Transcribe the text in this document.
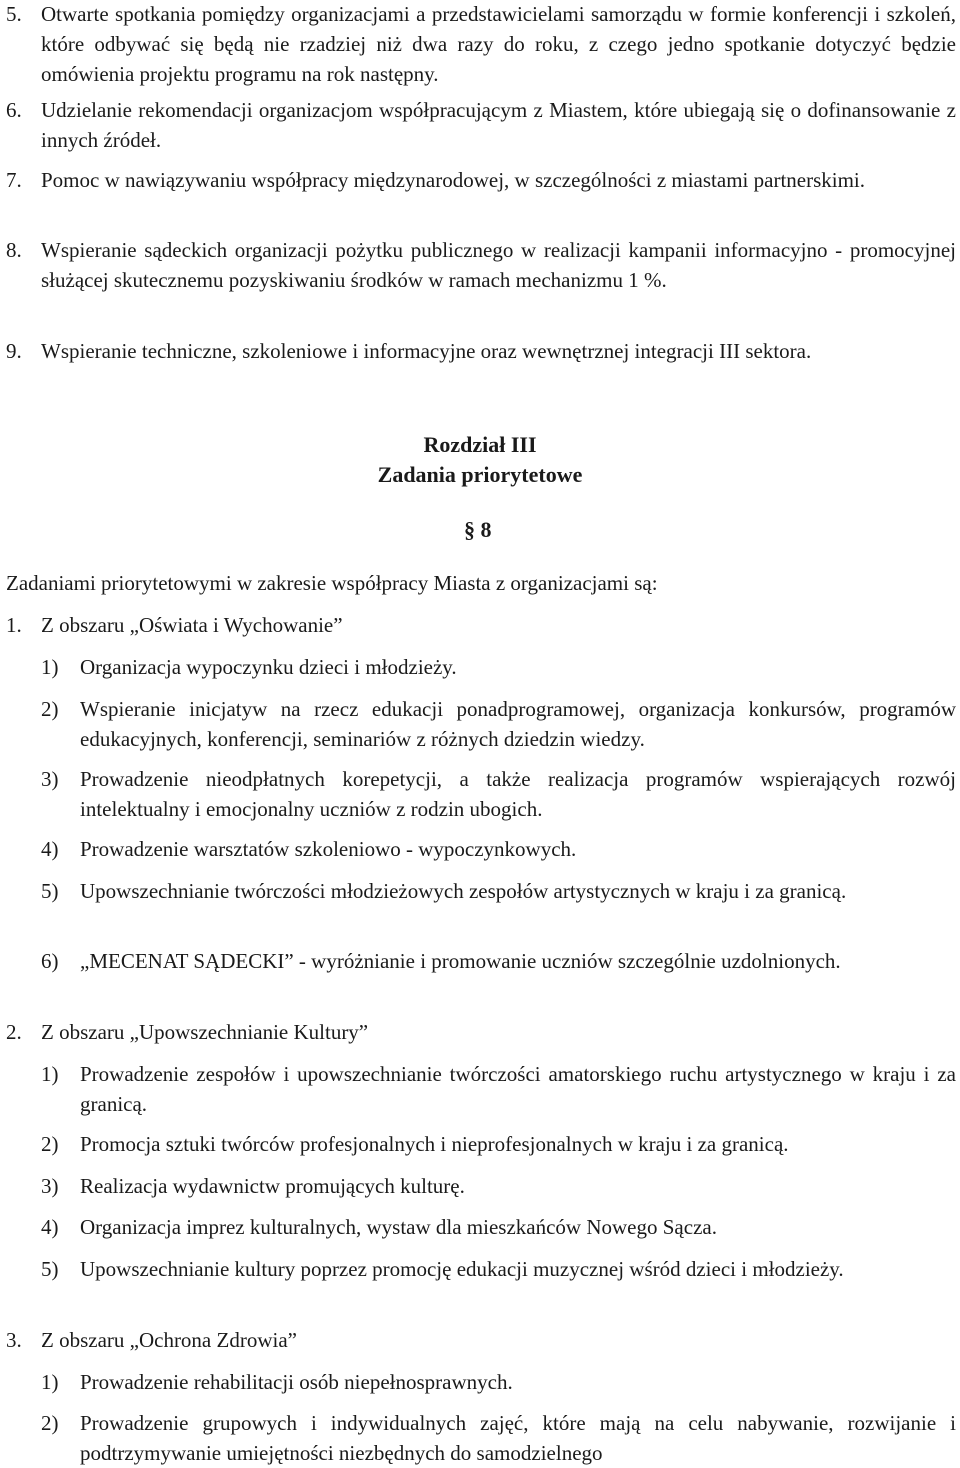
5. Otwarte spotkania pomiędzy organizacjami a przedstawicielami samorządu w formie konferencji i szkoleń, które odbywać się będą nie rzadziej niż dwa razy do roku, z czego jedno spotkanie dotyczyć będzie omówienia projektu programu na rok następny.
6. Udzielanie rekomendacji organizacjom współpracującym z Miastem, które ubiegają się o dofinansowanie z innych źródeł.
7. Pomoc w nawiązywaniu współpracy międzynarodowej, w szczególności z miastami partnerskimi.
8. Wspieranie sądeckich organizacji pożytku publicznego w realizacji kampanii informacyjno - promocyjnej służącej skutecznemu pozyskiwaniu środków w ramach mechanizmu 1 %.
9. Wspieranie techniczne, szkoleniowe i informacyjne oraz wewnętrznej integracji III sektora.
Rozdział III
Zadania priorytetowe
§ 8
Zadaniami priorytetowymi w zakresie współpracy Miasta z organizacjami są:
1. Z obszaru „Oświata i Wychowanie”
1) Organizacja wypoczynku dzieci i młodzieży.
2) Wspieranie inicjatyw na rzecz edukacji ponadprogramowej, organizacja konkursów, programów edukacyjnych, konferencji, seminariów z różnych dziedzin wiedzy.
3) Prowadzenie nieodpłatnych korepetycji, a także realizacja programów wspierających rozwój intelektualny i emocjonalny uczniów z rodzin ubogich.
4) Prowadzenie warsztatów szkoleniowo - wypoczynkowych.
5) Upowszechnianie twórczości młodzieżowych zespołów artystycznych w kraju i za granicą.
6) „MECENAT SĄDECKI” - wyróżnianie i promowanie uczniów szczególnie uzdolnionych.
2. Z obszaru „Upowszechnianie Kultury”
1) Prowadzenie zespołów i upowszechnianie twórczości amatorskiego ruchu artystycznego w kraju i za granicą.
2) Promocja sztuki twórców profesjonalnych i nieprofesjonalnych w kraju i za granicą.
3) Realizacja wydawnictw promujących kulturę.
4) Organizacja imprez kulturalnych, wystaw dla mieszkańców Nowego Sącza.
5) Upowszechnianie kultury poprzez promocję edukacji muzycznej wśród dzieci i młodzieży.
3. Z obszaru „Ochrona Zdrowia”
1) Prowadzenie rehabilitacji osób niepełnosprawnych.
2) Prowadzenie grupowych i indywidualnych zajęć, które mają na celu nabywanie, rozwijanie i podtrzymywanie umiejętności niezbędnych do samodzielnego
